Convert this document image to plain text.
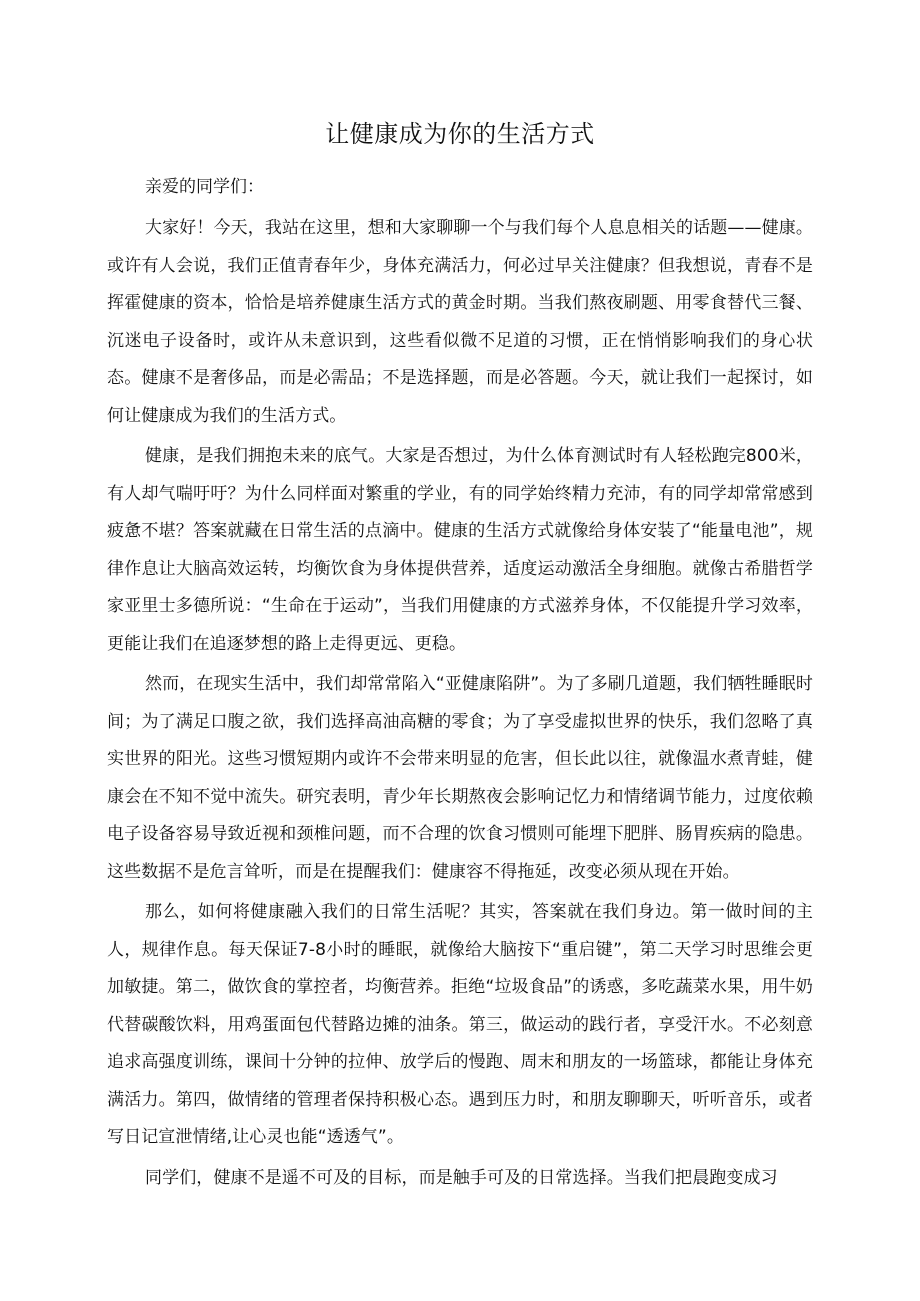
让健康成为你的生活方式

亲爱的同学们：

大家好！今天，我站在这里，想和大家聊聊一个与我们每个人息息相关的话题——健康。或许有人会说，我们正值青春年少，身体充满活力，何必过早关注健康？但我想说，青春不是挥霍健康的资本，恰恰是培养健康生活方式的黄金时期。当我们熬夜刷题、用零食替代三餐、沉迷电子设备时，或许从未意识到，这些看似微不足道的习惯，正在悄悄影响我们的身心状态。健康不是奢侈品，而是必需品；不是选择题，而是必答题。今天，就让我们一起探讨，如何让健康成为我们的生活方式。

健康，是我们拥抱未来的底气。大家是否想过，为什么体育测试时有人轻松跑完800米，有人却气喘吁吁？为什么同样面对繁重的学业，有的同学始终精力充沛，有的同学却常常感到疲惫不堪？答案就藏在日常生活的点滴中。健康的生活方式就像给身体安装了“能量电池”，规律作息让大脑高效运转，均衡饮食为身体提供营养，适度运动激活全身细胞。就像古希腊哲学家亚里士多德所说：“生命在于运动”，当我们用健康的方式滋养身体，不仅能提升学习效率，更能让我们在追逐梦想的路上走得更远、更稳。

然而，在现实生活中，我们却常常陷入“亚健康陷阱”。为了多刷几道题，我们牺牲睡眠时间；为了满足口腹之欲，我们选择高油高糖的零食；为了享受虚拟世界的快乐，我们忽略了真实世界的阳光。这些习惯短期内或许不会带来明显的危害，但长此以往，就像温水煮青蛙，健康会在不知不觉中流失。研究表明，青少年长期熬夜会影响记忆力和情绪调节能力，过度依赖电子设备容易导致近视和颈椎问题，而不合理的饮食习惯则可能埋下肥胖、肠胃疾病的隐患。这些数据不是危言耸听，而是在提醒我们：健康容不得拖延，改变必须从现在开始。

那么，如何将健康融入我们的日常生活呢？其实，答案就在我们身边。第一做时间的主人，规律作息。每天保证7-8小时的睡眠，就像给大脑按下“重启键”，第二天学习时思维会更加敏捷。第二，做饮食的掌控者，均衡营养。拒绝“垃圾食品”的诱惑，多吃蔬菜水果，用牛奶代替碳酸饮料，用鸡蛋面包代替路边摊的油条。第三，做运动的践行者，享受汗水。不必刻意追求高强度训练，课间十分钟的拉伸、放学后的慢跑、周末和朋友的一场篮球，都能让身体充满活力。第四，做情绪的管理者保持积极心态。遇到压力时，和朋友聊聊天，听听音乐，或者写日记宣泄情绪,让心灵也能“透透气”。

同学们，健康不是遥不可及的目标，而是触手可及的日常选择。当我们把晨跑变成习
